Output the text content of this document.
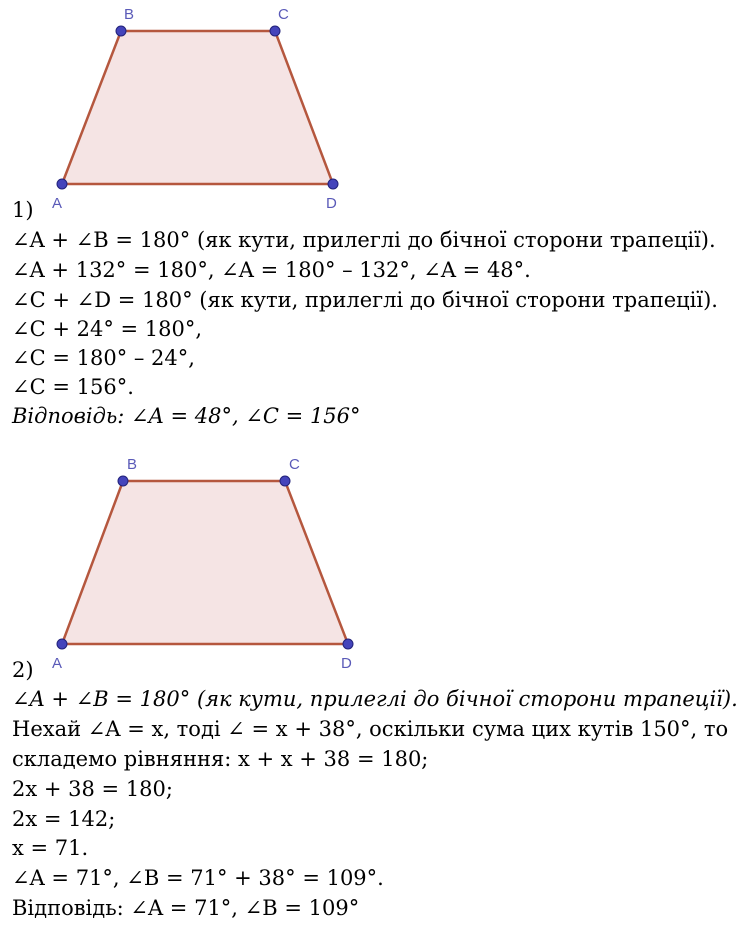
B	C
A	D
1)
∠A + ∠B = 180° (як кути, прилеглі до бічної сторони трапеції).
∠A + 132° = 180°, ∠A = 180° – 132°, ∠A = 48°.
∠C + ∠D = 180° (як кути, прилеглі до бічної сторони трапеції).
∠C + 24° = 180°,
∠C = 180° – 24°,
∠C = 156°.
Відповідь: ∠A = 48°, ∠C = 156°
B	C
A	D
2)
∠A + ∠B = 180° (як кути, прилеглі до бічної сторони трапеції).
Нехай ∠A = x, тоді ∠ = x + 38°, оскільки сума цих кутів 150°, то
складемо рівняння: x + x + 38 = 180;
2x + 38 = 180;
2x = 142;
x = 71.
∠A = 71°, ∠B = 71° + 38° = 109°.
Відповідь: ∠A = 71°, ∠B = 109°
